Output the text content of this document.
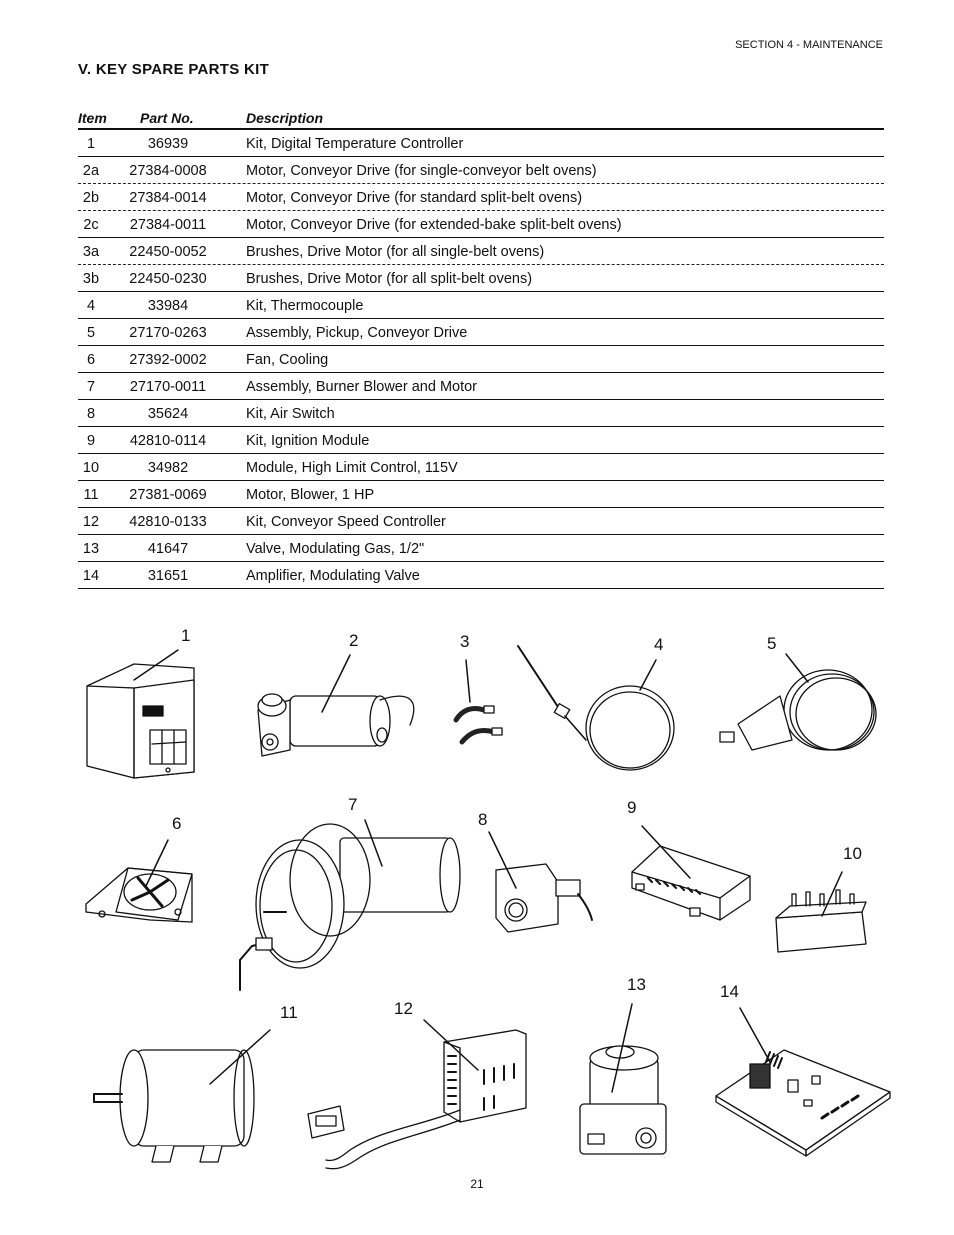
SECTION 4 - MAINTENANCE
V. KEY SPARE PARTS KIT
Item Part No.	Description
1	36939	Kit, Digital Temperature Controller
2a	27384-0008	Motor, Conveyor Drive (for single-conveyor belt ovens)
2b	27384-0014	Motor, Conveyor Drive (for standard split-belt ovens)
2c	27384-0011	Motor, Conveyor Drive (for extended-bake split-belt ovens)
3a	22450-0052	Brushes, Drive Motor (for all single-belt ovens)
3b	22450-0230	Brushes, Drive Motor (for all split-belt ovens)
4	33984	Kit, Thermocouple
5	27170-0263	Assembly, Pickup, Conveyor Drive
6	27392-0002	Fan, Cooling
7	27170-0011	Assembly, Burner Blower and Motor
8	35624	Kit, Air Switch
9	42810-0114	Kit, Ignition Module
10	34982	Module, High Limit Control, 115V
11	27381-0069	Motor, Blower, 1 HP
12	42810-0133	Kit, Conveyor Speed Controller
13	41647	Valve, Modulating Gas, 1/2"
14	31651	Amplifier, Modulating Valve
1	2	3	4	5
6
7
8
9
10
11	12
13	14
21
